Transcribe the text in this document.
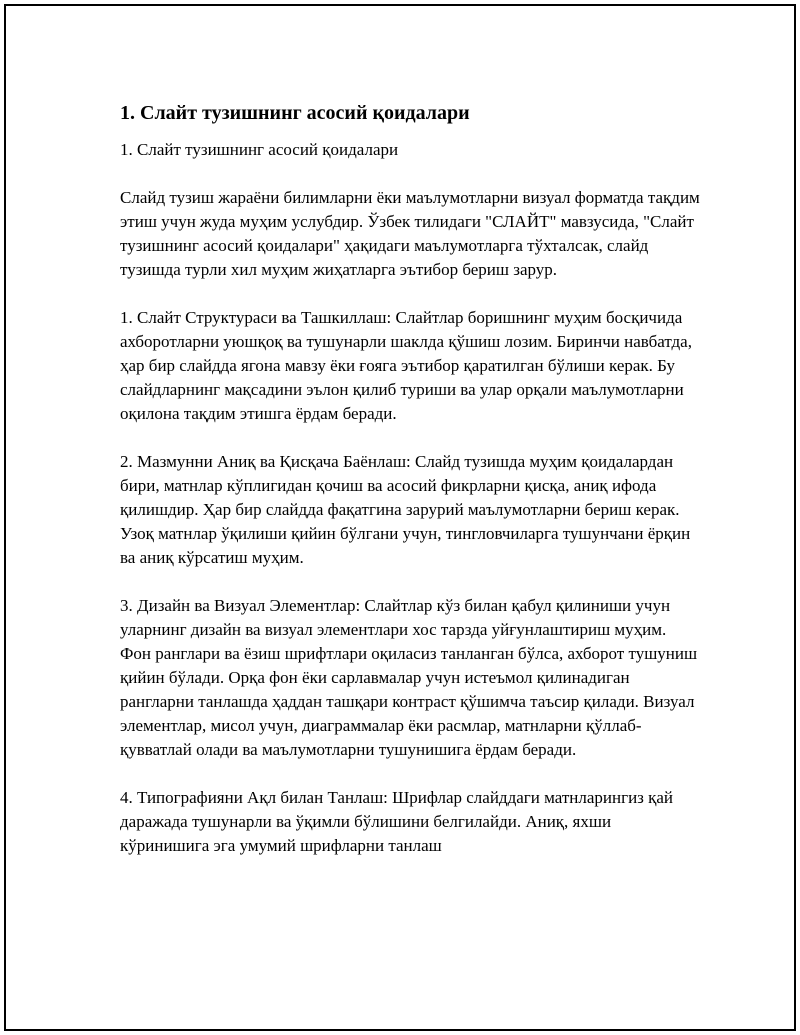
1. Слайт тузишнинг асосий қоидалари

1. Слайт тузишнинг асосий қоидалари

Слайд тузиш жараёни билимларни ёки маълумотларни визуал форматда тақдим этиш учун жуда муҳим услубдир. Ўзбек тилидаги "СЛАЙТ" мавзусида, "Слайт тузишнинг асосий қоидалари" ҳақидаги маълумотларга тўхталсак, слайд тузишда турли хил муҳим жиҳатларга эътибор бериш зарур.

1. Слайт Структураси ва Ташкиллаш: Слайтлар боришнинг муҳим босқичида ахборотларни уюшқоқ ва тушунарли шаклда қўшиш лозим. Биринчи навбатда, ҳар бир слайдда ягона мавзу ёки ғояга эътибор қаратилган бўлиши керак. Бу слайдларнинг мақсадини эълон қилиб туриши ва улар орқали маълумотларни оқилона тақдим этишга ёрдам беради.

2. Мазмунни Аниқ ва Қисқача Баёнлаш: Слайд тузишда муҳим қоидалардан бири, матнлар кўплигидан қочиш ва асосий фикрларни қисқа, аниқ ифода қилишдир. Ҳар бир слайдда фақатгина зарурий маълумотларни бериш керак. Узоқ матнлар ўқилиши қийин бўлгани учун, тингловчиларга тушунчани ёрқин ва аниқ кўрсатиш муҳим.

3. Дизайн ва Визуал Элементлар: Слайтлар кўз билан қабул қилиниши учун уларнинг дизайн ва визуал элементлари хос тарзда уйғунлаштириш муҳим. Фон ранглари ва ёзиш шрифтлари оқиласиз танланган бўлса, ахборот тушуниш қийин бўлади. Орқа фон ёки сарлавмалар учун истеъмол қилинадиган рангларни танлашда ҳаддан ташқари контраст қўшимча таъсир қилади. Визуал элементлар, мисол учун, диаграммалар ёки расмлар, матнларни қўллаб-қувватлай олади ва маълумотларни тушунишига ёрдам беради.

4. Типографияни Ақл билан Танлаш: Шрифлар слайддаги матнларингиз қай даражада тушунарли ва ўқимли бўлишини белгилайди. Аниқ, яхши кўринишига эга умумий шрифларни танлаш
